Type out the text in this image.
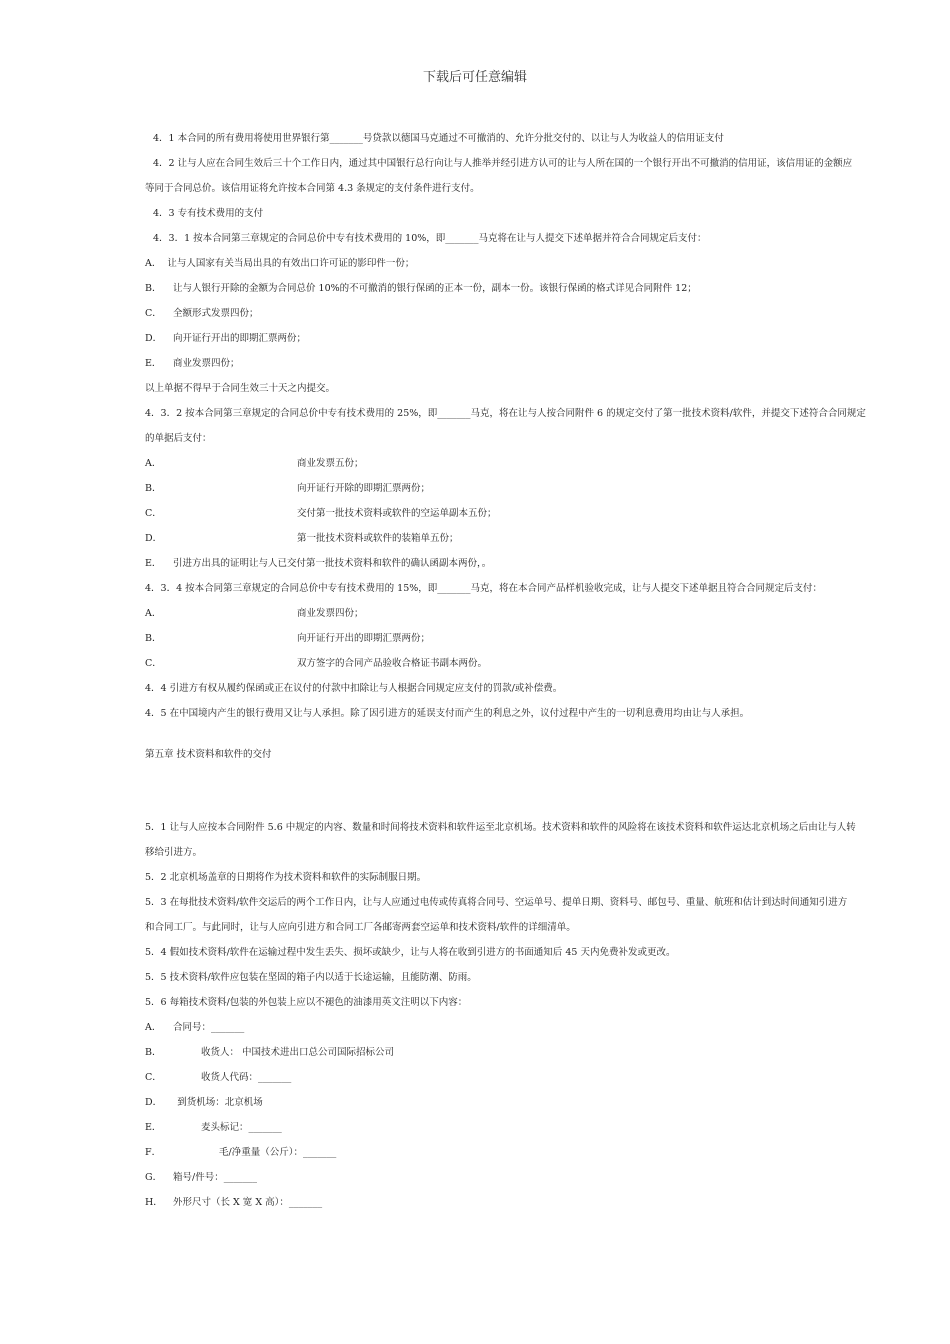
下载后可任意编辑
4．1 本合同的所有费用将使用世界银行第_______号贷款以德国马克通过不可撤消的、允许分批交付的、以让与人为收益人的信用证支付
4．2 让与人应在合同生效后三十个工作日内，通过其中国银行总行向让与人推举并经引进方认可的让与人所在国的一个银行开出不可撤消的信用证，该信用证的金额应
等同于合同总价。该信用证将允许按本合同第 4.3 条规定的支付条件进行支付。
4．3 专有技术费用的支付
4．3．1 按本合同第三章规定的合同总价中专有技术费用的 10%，即_______马克将在让与人提交下述单据并符合合同规定后支付：
A． 让与人国家有关当局出具的有效出口许可证的影印件一份；
B．	让与人银行开除的金额为合同总价 10%的不可撤消的银行保函的正本一份，副本一份。该银行保函的格式详见合同附件 12；
C．	全额形式发票四份；
D．	向开证行开出的即期汇票两份；
E．	商业发票四份；
以上单据不得早于合同生效三十天之内提交。
4．3．2 按本合同第三章规定的合同总价中专有技术费用的 25%，即_______马克，将在让与人按合同附件 6 的规定交付了第一批技术资料/软件，并提交下述符合合同规定
的单据后支付：
A．	商业发票五份；
B．	向开证行开除的即期汇票两份；
C．	交付第一批技术资料或软件的空运单副本五份；
D．	第一批技术资料或软件的装箱单五份；
E．	引进方出具的证明让与人已交付第一批技术资料和软件的确认函副本两份，。
4．3．4 按本合同第三章规定的合同总价中专有技术费用的 15%，即_______马克，将在本合同产品样机验收完成，让与人提交下述单据且符合合同规定后支付：
A．	商业发票四份；
B．	向开证行开出的即期汇票两份；
C．	双方签字的合同产品验收合格证书副本两份。
4．4 引进方有权从履约保函或正在议付的付款中扣除让与人根据合同规定应支付的罚款/或补偿费。
4．5 在中国境内产生的银行费用又让与人承担。除了因引进方的延误支付而产生的利息之外，议付过程中产生的一切利息费用均由让与人承担。
第五章 技术资料和软件的交付
5．1 让与人应按本合同附件 5.6 中规定的内容、数量和时间将技术资料和软件运至北京机场。技术资料和软件的风险将在该技术资料和软件运达北京机场之后由让与人转
移给引进方。
5．2 北京机场盖章的日期将作为技术资料和软件的实际制服日期。
5．3 在每批技术资料/软件交运后的两个工作日内，让与人应通过电传或传真将合同号、空运单号、提单日期、资料号、邮包号、重量、航班和估计到达时间通知引进方
和合同工厂。与此同时，让与人应向引进方和合同工厂各邮寄两套空运单和技术资料/软件的详细清单。
5．4 假如技术资料/软件在运输过程中发生丢失、损坏或缺少，让与人将在收到引进方的书面通知后 45 天内免费补发或更改。
5．5 技术资料/软件应包装在坚固的箱子内以适于长途运输，且能防潮、防雨。
5．6 每箱技术资料/包装的外包装上应以不褪色的油漆用英文注明以下内容：
A．	合同号：_______
B．	收货人： 中国技术进出口总公司国际招标公司
C．	收货人代码：_______
D． 到货机场：北京机场
E．	麦头标记：_______
F．	毛/净重量（公斤）：_______
G．	箱号/件号：_______
H．	外形尺寸（长 X 宽 X 高）：_______
